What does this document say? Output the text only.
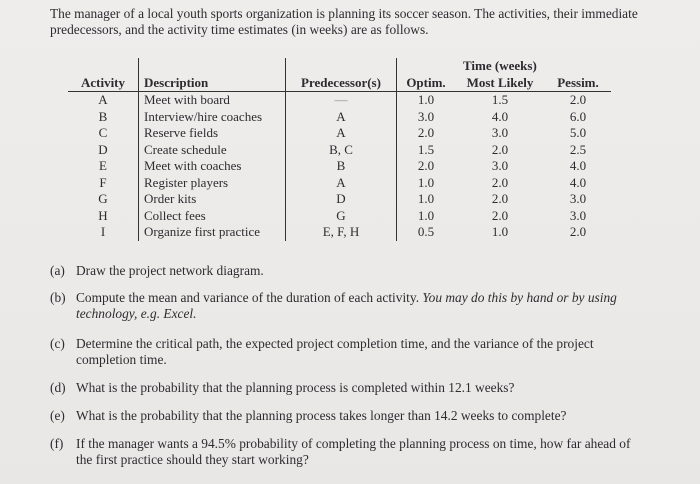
The manager of a local youth sports organization is planning its soccer season. The activities, their immediate predecessors, and the activity time estimates (in weeks) are as follows.

				Time (weeks)	
Activity	Description	Predecessor(s)	Optim.	Most Likely	Pessim.
A	Meet with board	—	1.0	1.5	2.0
B	Interview/hire coaches	A	3.0	4.0	6.0
C	Reserve fields	A	2.0	3.0	5.0
D	Create schedule	B, C	1.5	2.0	2.5
E	Meet with coaches	B	2.0	3.0	4.0
F	Register players	A	1.0	2.0	4.0
G	Order kits	D	1.0	2.0	3.0
H	Collect fees	G	1.0	2.0	3.0
I	Organize first practice	E, F, H	0.5	1.0	2.0
(a) Draw the project network diagram.
(b) Compute the mean and variance of the duration of each activity. You may do this by hand or by using technology, e.g. Excel.
(c) Determine the critical path, the expected project completion time, and the variance of the project completion time.
(d) What is the probability that the planning process is completed within 12.1 weeks?
(e) What is the probability that the planning process takes longer than 14.2 weeks to complete?
(f) If the manager wants a 94.5% probability of completing the planning process on time, how far ahead of the first practice should they start working?
